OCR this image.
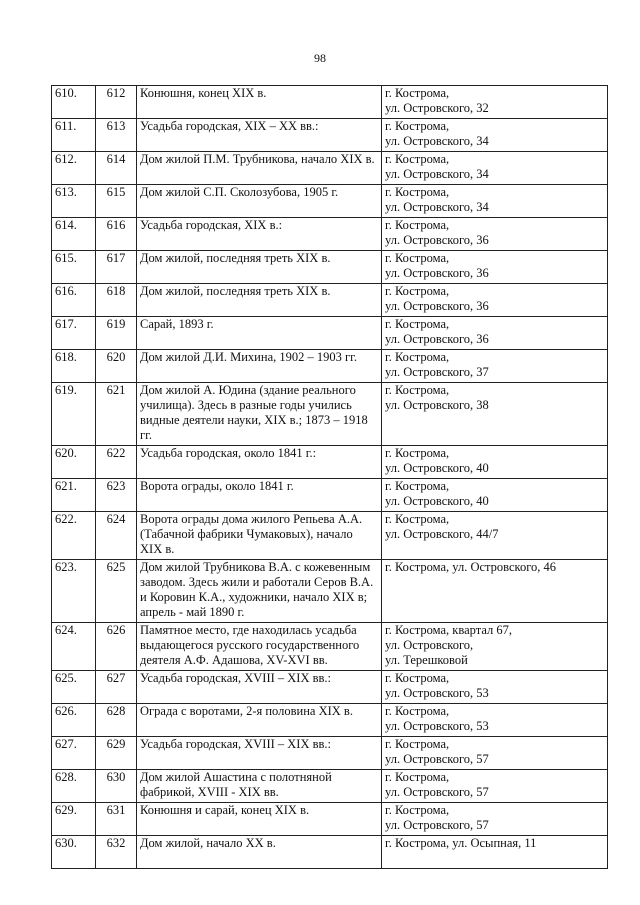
98
610.	612	Конюшня, конец XIX в.	г. Кострома,
ул. Островского, 32

611.	613	Усадьба городская, XIX – XX вв.:	г. Кострома,
ул. Островского, 34

612.	614	Дом жилой П.М. Трубникова, начало XIX в.	г. Кострома,
ул. Островского, 34

613.	615	Дом жилой С.П. Сколозубова, 1905 г.	г. Кострома,
ул. Островского, 34

614.	616	Усадьба городская, XIX в.:	г. Кострома,
ул. Островского, 36

615.	617	Дом жилой, последняя треть XIX в.	г. Кострома,
ул. Островского, 36

616.	618	Дом жилой, последняя треть XIX в.	г. Кострома,
ул. Островского, 36

617.	619	Сарай, 1893 г.	г. Кострома,
ул. Островского, 36

618.	620	Дом жилой Д.И. Михина, 1902 – 1903 гг.	г. Кострома,
ул. Островского, 37

619.	621	Дом жилой А. Юдина (здание реального училища). Здесь в разные годы учились видные деятели науки, XIX в.; 1873 – 1918 гг.	г. Кострома,
ул. Островского, 38

620.	622	Усадьба городская, около 1841 г.:	г. Кострома,
ул. Островского, 40

621.	623	Ворота ограды, около 1841 г.	г. Кострома,
ул. Островского, 40

622.	624	Ворота ограды дома жилого Репьева А.А. (Табачной фабрики Чумаковых), начало XIX в.	г. Кострома,
ул. Островского, 44/7

623.	625	Дом жилой Трубникова В.А. с кожевенным заводом. Здесь жили и работали Серов В.А. и Коровин К.А., художники, начало XIX в; апрель - май 1890 г.	г. Кострома, ул. Островского, 46

624.	626	Памятное место, где находилась усадьба выдающегося русского государственного деятеля А.Ф. Адашова, XV-XVI вв.	г. Кострома, квартал 67,
ул. Островского,
ул. Терешковой

625.	627	Усадьба городская, XVIII – XIX вв.:	г. Кострома,
ул. Островского, 53

626.	628	Ограда с воротами, 2-я половина XIX в.	г. Кострома,
ул. Островского, 53

627.	629	Усадьба городская, XVIII – XIX вв.:	г. Кострома,
ул. Островского, 57

628.	630	Дом жилой Ашастина с полотняной фабрикой, XVIII - XIX вв.	г. Кострома,
ул. Островского, 57

629.	631	Конюшня и сарай, конец XIX в.	г. Кострома,
ул. Островского, 57

630.	632	Дом жилой, начало XX в.	г. Кострома, ул. Осыпная, 11
